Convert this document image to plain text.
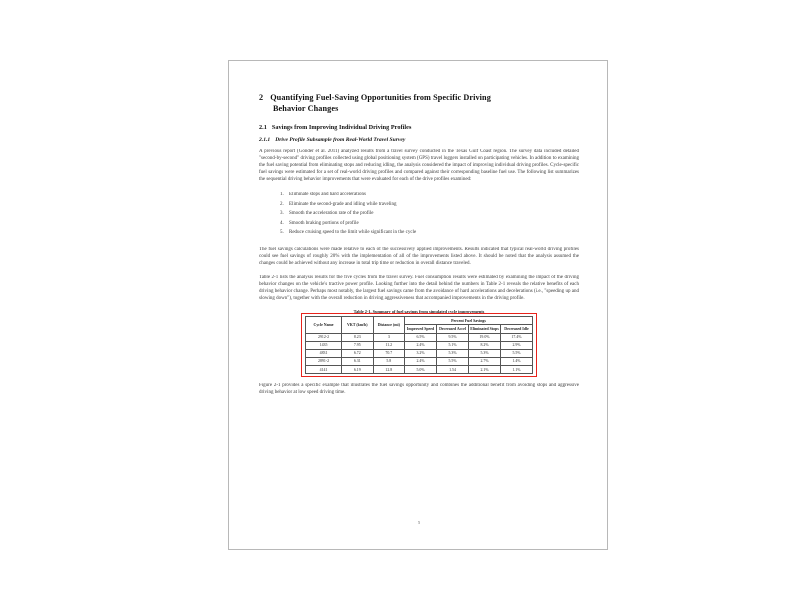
2 Quantifying Fuel-Saving Opportunities from Specific Driving
Behavior Changes
2.1 Savings from Improving Individual Driving Profiles
2.1.1 Drive Profile Subsample from Real-World Travel Survey

A previous report (Gonder et al. 2011) analyzed results from a travel survey conducted in the Texas Gulf Coast region. The survey data included detailed "second-by-second" driving profiles collected using global positioning system (GPS) travel loggers installed on participating vehicles. In addition to examining the fuel saving potential from eliminating stops and reducing idling, the analysis considered the impact of improving individual driving profiles. Cycle-specific fuel savings were estimated for a set of real-world driving profiles and compared against their corresponding baseline fuel use. The following list summarizes the sequential driving behavior improvements that were evaluated for each of the drive profiles examined:

1. Eliminate stops and hard accelerations
2. Eliminate the second-grade and idling while traveling
3. Smooth the acceleration rate of the profile
4. Smooth braking portions of profile
5. Reduce cruising speed to the limit while significant in the cycle

The fuel savings calculations were made relative to each of the successively applied improvements. Results indicated that typical real-world driving profiles could see fuel savings of roughly 20% with the implementation of all of the improvements listed above. It should be noted that the analysis assumed the changes could be achieved without any increase in total trip time or reduction in overall distance traveled.

Table 2-1 lists the analysis results for the five cycles from the travel survey. Fuel consumption results were estimated by examining the impact of the driving behavior changes on the vehicle's tractive power profile. Looking further into the detail behind the numbers in Table 2-1 reveals the relative benefits of each driving behavior change. Perhaps most notably, the largest fuel savings came from the avoidance of hard accelerations and decelerations (i.e., "speeding up and slowing down"), together with the overall reduction in driving aggressiveness that accompanied improvements in the driving profile.

Table 2-1. Summary of fuel savings from simulated cycle improvements
Cycle Name	VKT (km/h)	Distance (mi)	Percent Fuel Savings			
			Improved Speed	Decreased Accel	Eliminated Stops	Decreased Idle
2912-2	8.23	3	6.5%	9.5%	19.0%	17.4%
1435	7.95	11.2	2.4%	5.1%	8.2%	2.9%
4831	6.72	70.7	3.2%	5.3%	5.3%	5.5%
2891-2	6.31	5.8	2.4%	5.5%	2.7%	1.4%
4141	6.19	12.8	5.0%	1.54	2.1%	1.1%

Figure 2-1 provides a specific example that illustrates the fuel savings opportunity and combines the additional benefit from avoiding stops and aggressive driving behavior at low speed driving time.

5
